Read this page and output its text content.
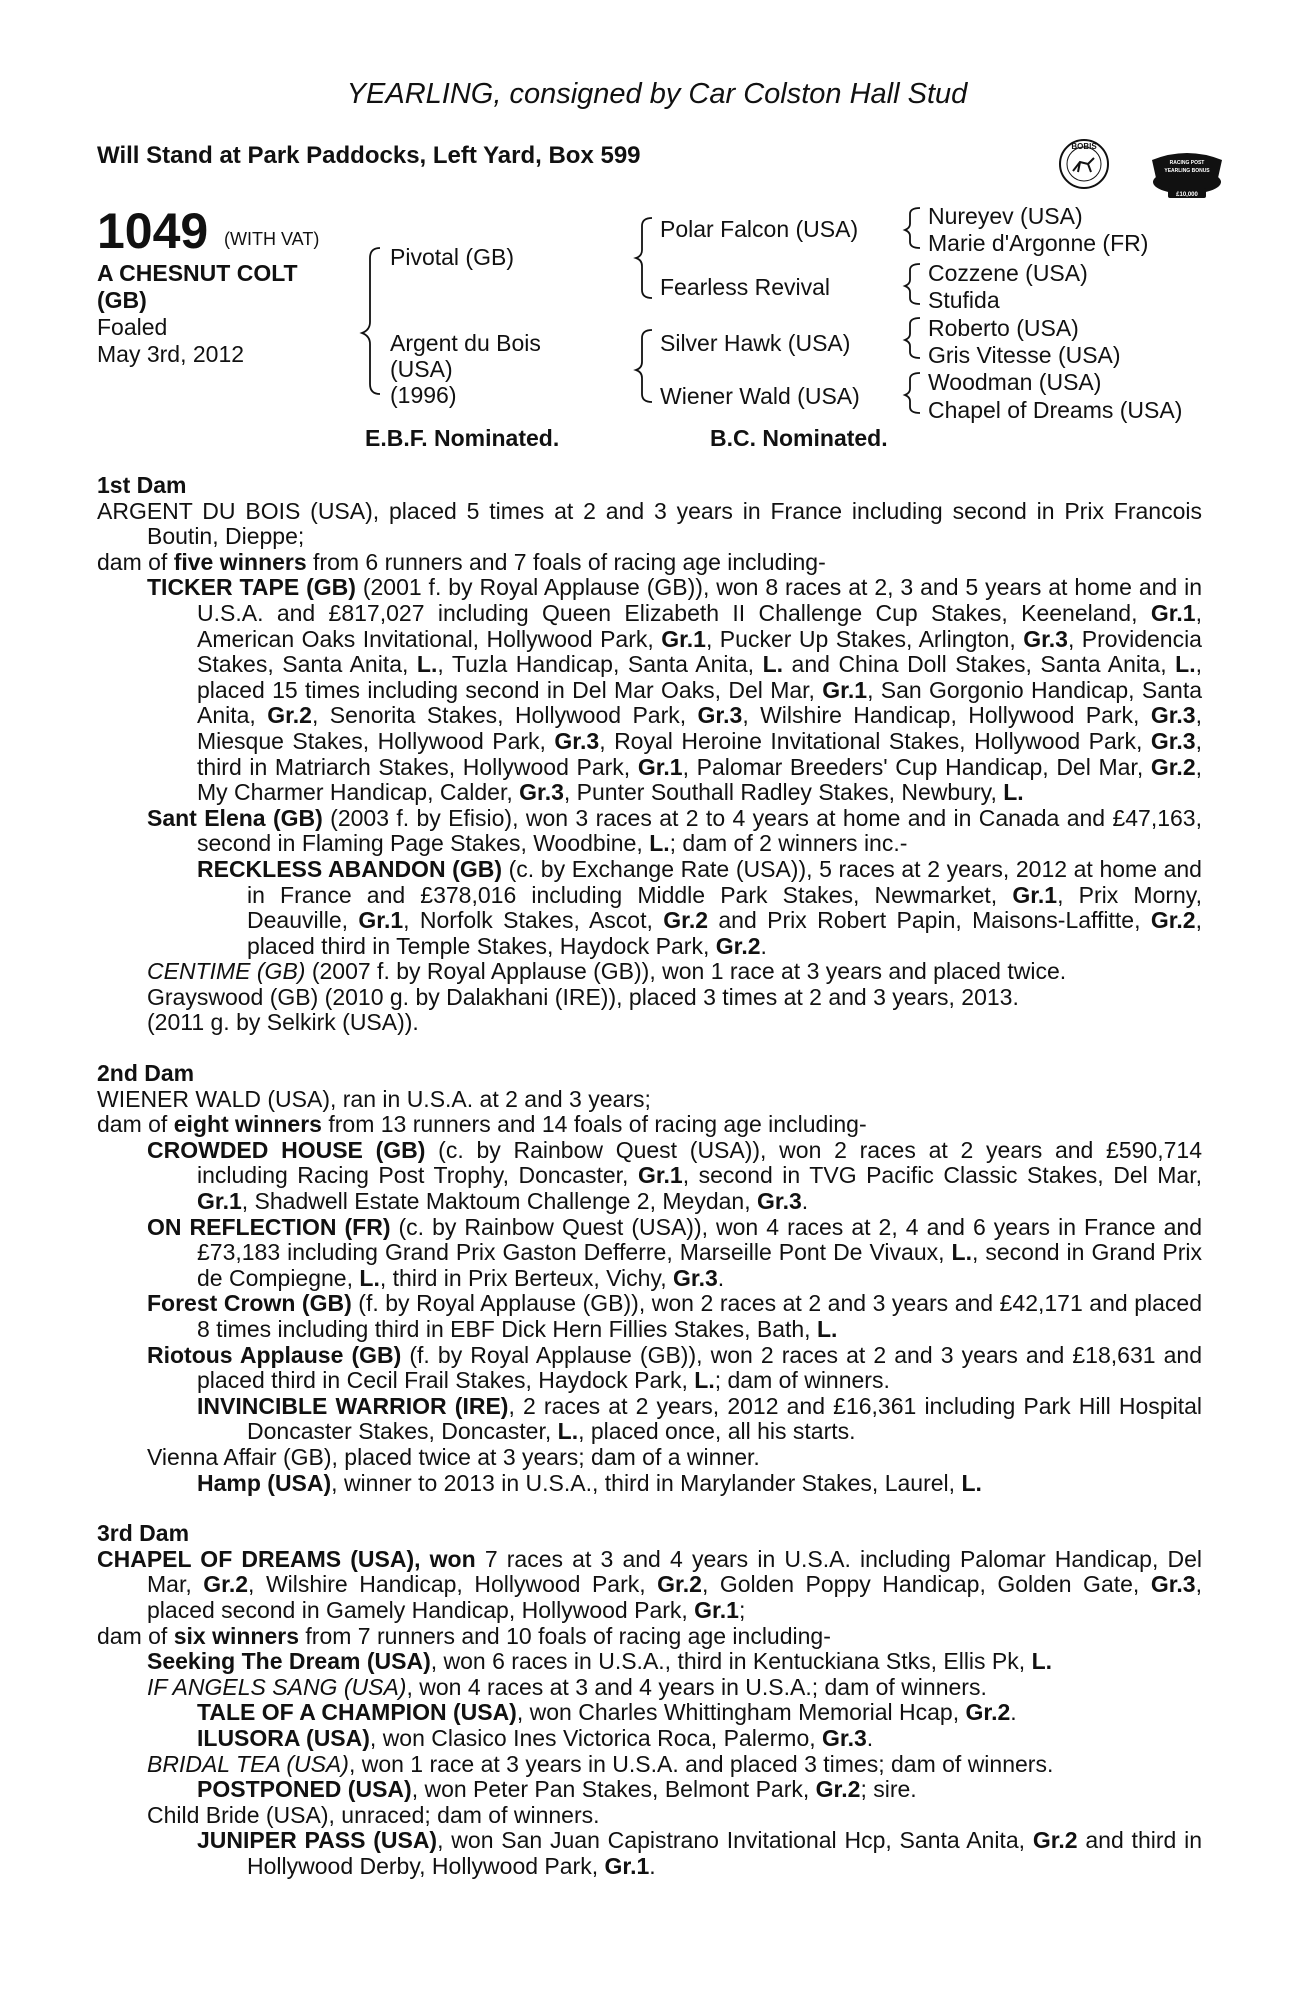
YEARLING, consigned by Car Colston Hall Stud
Will Stand at Park Paddocks, Left Yard, Box 599	BOBIS
RACING POST
YEARLING BONUS
£10,000
1049 (WITH VAT)
A CHESNUT COLT
(GB)
Foaled
May 3rd, 2012
Pivotal (GB)
Argent du Bois
(USA)
(1996)
Polar Falcon (USA)
Fearless Revival
Silver Hawk (USA)
Wiener Wald (USA)
Nureyev (USA)
Marie d'Argonne (FR)
Cozzene (USA)
Stufida
Roberto (USA)
Gris Vitesse (USA)
Woodman (USA)
Chapel of Dreams (USA)
E.B.F. Nominated.	B.C. Nominated.
1st Dam
ARGENT DU BOIS (USA), placed 5 times at 2 and 3 years in France including second in Prix Francois Boutin, Dieppe;
dam of five winners from 6 runners and 7 foals of racing age including-
TICKER TAPE (GB) (2001 f. by Royal Applause (GB)), won 8 races at 2, 3 and 5 years at home and in U.S.A. and £817,027 including Queen Elizabeth II Challenge Cup Stakes, Keeneland, Gr.1, American Oaks Invitational, Hollywood Park, Gr.1, Pucker Up Stakes, Arlington, Gr.3, Providencia Stakes, Santa Anita, L., Tuzla Handicap, Santa Anita, L. and China Doll Stakes, Santa Anita, L., placed 15 times including second in Del Mar Oaks, Del Mar, Gr.1, San Gorgonio Handicap, Santa Anita, Gr.2, Senorita Stakes, Hollywood Park, Gr.3, Wilshire Handicap, Hollywood Park, Gr.3, Miesque Stakes, Hollywood Park, Gr.3, Royal Heroine Invitational Stakes, Hollywood Park, Gr.3, third in Matriarch Stakes, Hollywood Park, Gr.1, Palomar Breeders' Cup Handicap, Del Mar, Gr.2, My Charmer Handicap, Calder, Gr.3, Punter Southall Radley Stakes, Newbury, L.
Sant Elena (GB) (2003 f. by Efisio), won 3 races at 2 to 4 years at home and in Canada and £47,163, second in Flaming Page Stakes, Woodbine, L.; dam of 2 winners inc.-
RECKLESS ABANDON (GB) (c. by Exchange Rate (USA)), 5 races at 2 years, 2012 at home and in France and £378,016 including Middle Park Stakes, Newmarket, Gr.1, Prix Morny, Deauville, Gr.1, Norfolk Stakes, Ascot, Gr.2 and Prix Robert Papin, Maisons-Laffitte, Gr.2, placed third in Temple Stakes, Haydock Park, Gr.2.
CENTIME (GB) (2007 f. by Royal Applause (GB)), won 1 race at 3 years and placed twice.
Grayswood (GB) (2010 g. by Dalakhani (IRE)), placed 3 times at 2 and 3 years, 2013.
(2011 g. by Selkirk (USA)).
2nd Dam
WIENER WALD (USA), ran in U.S.A. at 2 and 3 years;
dam of eight winners from 13 runners and 14 foals of racing age including-
CROWDED HOUSE (GB) (c. by Rainbow Quest (USA)), won 2 races at 2 years and £590,714 including Racing Post Trophy, Doncaster, Gr.1, second in TVG Pacific Classic Stakes, Del Mar, Gr.1, Shadwell Estate Maktoum Challenge 2, Meydan, Gr.3.
ON REFLECTION (FR) (c. by Rainbow Quest (USA)), won 4 races at 2, 4 and 6 years in France and £73,183 including Grand Prix Gaston Defferre, Marseille Pont De Vivaux, L., second in Grand Prix de Compiegne, L., third in Prix Berteux, Vichy, Gr.3.
Forest Crown (GB) (f. by Royal Applause (GB)), won 2 races at 2 and 3 years and £42,171 and placed 8 times including third in EBF Dick Hern Fillies Stakes, Bath, L.
Riotous Applause (GB) (f. by Royal Applause (GB)), won 2 races at 2 and 3 years and £18,631 and placed third in Cecil Frail Stakes, Haydock Park, L.; dam of winners.
INVINCIBLE WARRIOR (IRE), 2 races at 2 years, 2012 and £16,361 including Park Hill Hospital Doncaster Stakes, Doncaster, L., placed once, all his starts.
Vienna Affair (GB), placed twice at 3 years; dam of a winner.
Hamp (USA), winner to 2013 in U.S.A., third in Marylander Stakes, Laurel, L.
3rd Dam
CHAPEL OF DREAMS (USA), won 7 races at 3 and 4 years in U.S.A. including Palomar Handicap, Del Mar, Gr.2, Wilshire Handicap, Hollywood Park, Gr.2, Golden Poppy Handicap, Golden Gate, Gr.3, placed second in Gamely Handicap, Hollywood Park, Gr.1;
dam of six winners from 7 runners and 10 foals of racing age including-
Seeking The Dream (USA), won 6 races in U.S.A., third in Kentuckiana Stks, Ellis Pk, L.
IF ANGELS SANG (USA), won 4 races at 3 and 4 years in U.S.A.; dam of winners.
TALE OF A CHAMPION (USA), won Charles Whittingham Memorial Hcap, Gr.2.
ILUSORA (USA), won Clasico Ines Victorica Roca, Palermo, Gr.3.
BRIDAL TEA (USA), won 1 race at 3 years in U.S.A. and placed 3 times; dam of winners.
POSTPONED (USA), won Peter Pan Stakes, Belmont Park, Gr.2; sire.
Child Bride (USA), unraced; dam of winners.
JUNIPER PASS (USA), won San Juan Capistrano Invitational Hcp, Santa Anita, Gr.2 and third in Hollywood Derby, Hollywood Park, Gr.1.
